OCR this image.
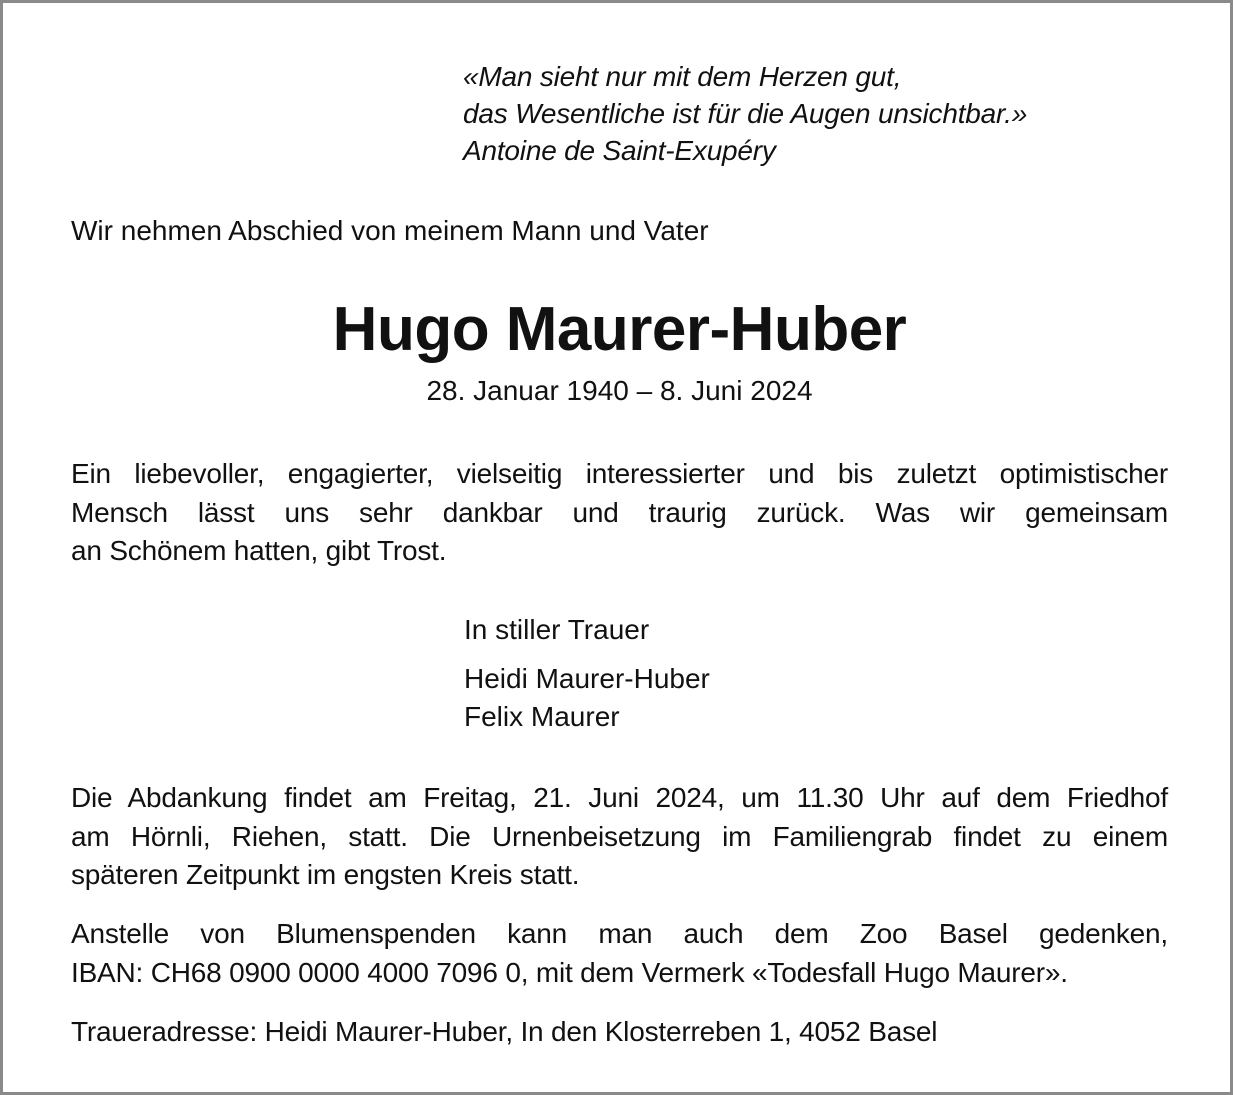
«Man sieht nur mit dem Herzen gut,
das Wesentliche ist für die Augen unsichtbar.»
Antoine de Saint-Exupéry
Wir nehmen Abschied von meinem Mann und Vater
Hugo Maurer-Huber
28. Januar 1940 – 8. Juni 2024
Ein liebevoller, engagierter, vielseitig interessierter und bis zuletzt optimistischer
Mensch lässt uns sehr dankbar und traurig zurück. Was wir gemeinsam
an Schönem hatten, gibt Trost.
In stiller Trauer
Heidi Maurer-Huber
Felix Maurer
Die Abdankung findet am Freitag, 21. Juni 2024, um 11.30 Uhr auf dem Friedhof
am Hörnli, Riehen, statt. Die Urnenbeisetzung im Familiengrab findet zu einem
späteren Zeitpunkt im engsten Kreis statt.
Anstelle von Blumenspenden kann man auch dem Zoo Basel gedenken,
IBAN: CH68 0900 0000 4000 7096 0, mit dem Vermerk «Todesfall Hugo Maurer».
Traueradresse: Heidi Maurer-Huber, In den Klosterreben 1, 4052 Basel
